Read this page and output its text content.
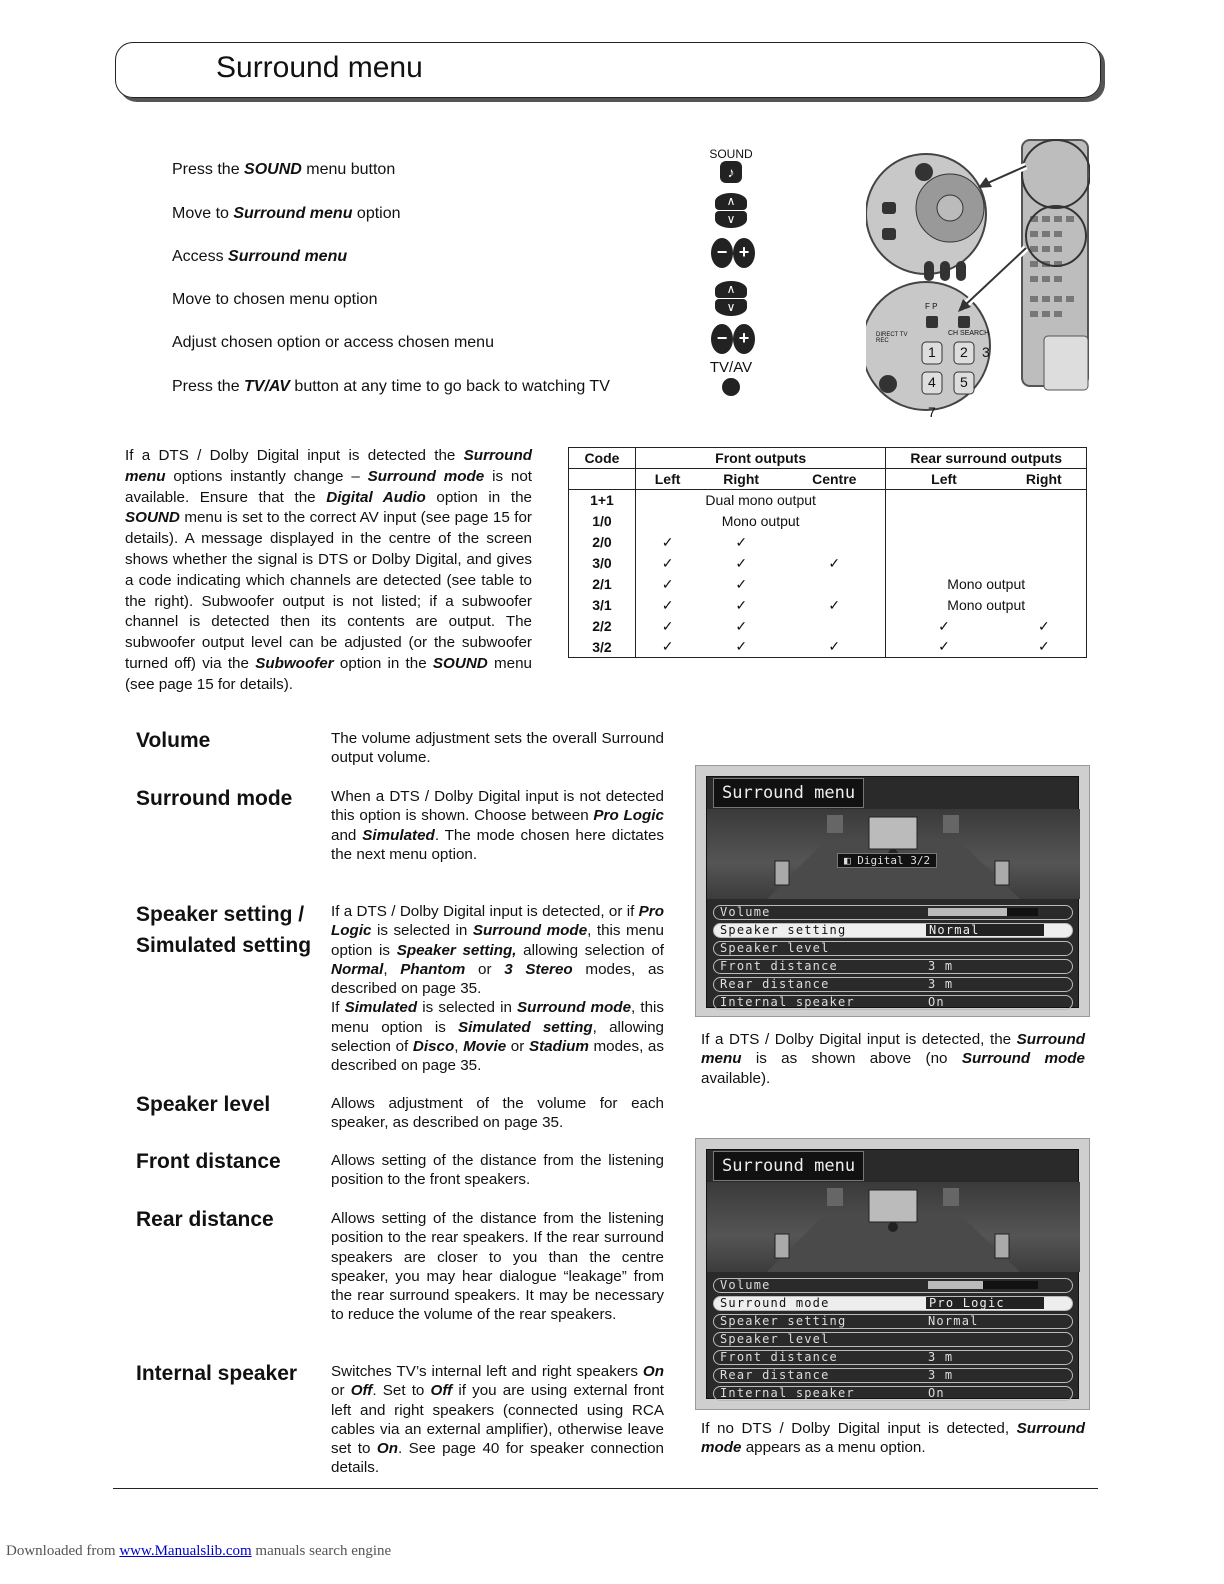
Surround menu
Press the SOUND menu button
Move to Surround menu option
Access Surround menu
Move to chosen menu option
Adjust chosen option or access chosen menu
Press the TV/AV button at any time to go back to watching TV
SOUND
♪
∧
∨
− +
∧
∨
− +
TV/AV
F P
CH SEARCH
DIRECT TV REC
1 2 3
4 5
7
If a DTS / Dolby Digital input is detected the Surround menu options instantly change – Surround mode is not available. Ensure that the Digital Audio option in the SOUND menu is set to the correct AV input (see page 15 for details). A message displayed in the centre of the screen shows whether the signal is DTS or Dolby Digital, and gives a code indicating which channels are detected (see table to the right). Subwoofer output is not listed; if a subwoofer channel is detected then its contents are output. The subwoofer output level can be adjusted (or the subwoofer turned off) via the Subwoofer option in the SOUND menu (see page 15 for details).
Code	Front outputs			Rear surround outputs	
	Left	Right	Centre	Left	Right
1+1	Dual mono output				
1/0	Mono output				
2/0	✓	✓			
3/0	✓	✓	✓		
2/1	✓	✓		Mono output	
3/1	✓	✓	✓	Mono output	
2/2	✓	✓		✓	✓
3/2	✓	✓	✓	✓	✓
Volume	The volume adjustment sets the overall Surround output volume.
Surround mode	When a DTS / Dolby Digital input is not detected this option is shown. Choose between Pro Logic and Simulated. The mode chosen here dictates the next menu option.
Speaker setting /
Simulated setting
If a DTS / Dolby Digital input is detected, or if Pro Logic is selected in Surround mode, this menu option is Speaker setting, allowing selection of Normal, Phantom or 3 Stereo modes, as described on page 35.
If Simulated is selected in Surround mode, this menu option is Simulated setting, allowing selection of Disco, Movie or Stadium modes, as described on page 35.
Speaker level	Allows adjustment of the volume for each speaker, as described on page 35.
Front distance	Allows setting of the distance from the listening position to the front speakers.
Rear distance	Allows setting of the distance from the listening position to the rear speakers. If the rear surround speakers are closer to you than the centre speaker, you may hear dialogue “leakage” from the rear surround speakers. It may be necessary to reduce the volume of the rear speakers.
Internal speaker Switches TV’s internal left and right speakers On or Off. Set to Off if you are using external front left and right speakers (connected using RCA cables via an external amplifier), otherwise leave set to On. See page 40 for speaker connection details.
◧ Digital 3/2
Surround menu
Volume
Speaker setting	Normal
Speaker level
Front distance	3 m
Rear distance	3 m
Internal speaker	On
If a DTS / Dolby Digital input is detected, the Surround menu is as shown above (no Surround mode available).
Surround menu
Volume
Surround mode	Pro Logic
Speaker setting	Normal
Speaker level
Front distance	3 m
Rear distance	3 m
Internal speaker	On
If no DTS / Dolby Digital input is detected, Surround mode appears as a menu option.
Downloaded from www.Manualslib.com manuals search engine
